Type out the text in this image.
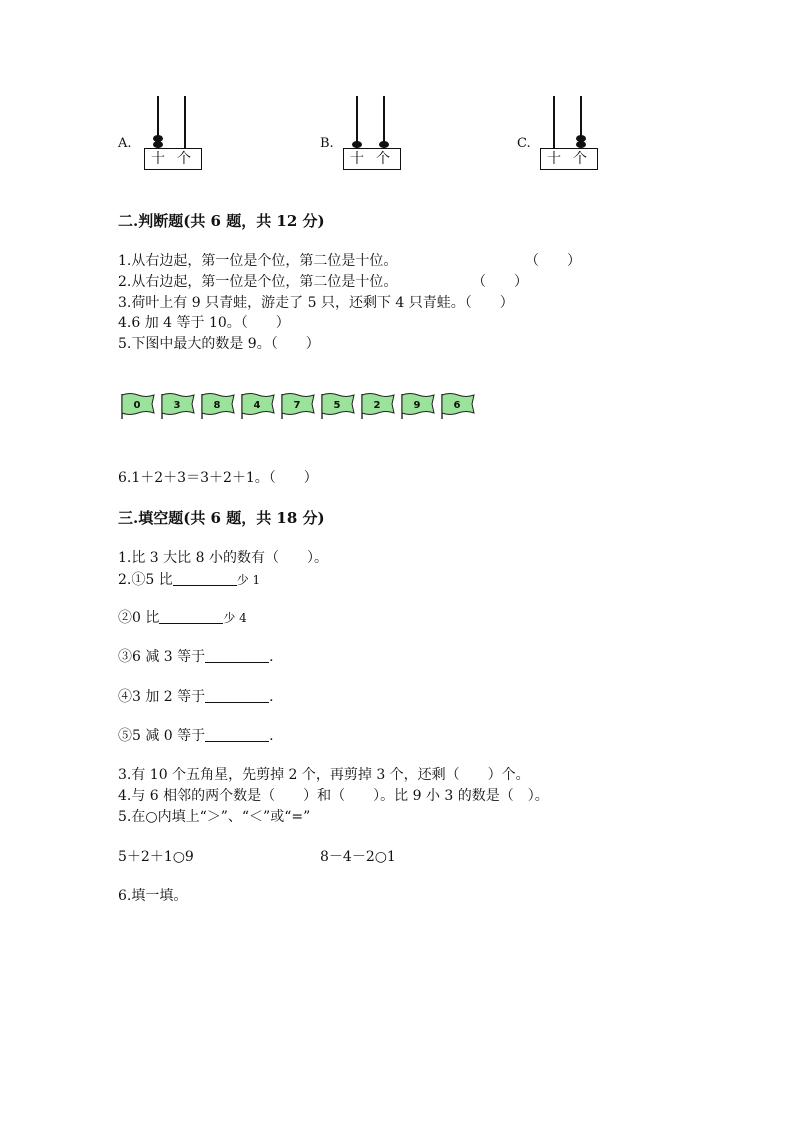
A.
十 个
B.
十 个
C.
十 个
二.判断题(共 6 题，共 12 分)
1.从右边起，第一位是个位，第二位是十位。	（　　）
2.从右边起，第一位是个位，第二位是十位。	（　　）
3.荷叶上有 9 只青蛙，游走了 5 只，还剩下 4 只青蛙。（　　）
4.6 加 4 等于 10。（　　）
5.下图中最大的数是 9。（　　）
0	3	8	4	7	5	2	9	6
6.1＋2＋3＝3＋2＋1。（　　）
三.填空题(共 6 题，共 18 分)
1.比 3 大比 8 小的数有（　　）。
2.①5 比	少 1
②0 比	少 4
③6 减 3 等于	.
④3 加 2 等于	.
⑤5 减 0 等于	.
3.有 10 个五角星，先剪掉 2 个，再剪掉 3 个，还剩（　　）个。
4.与 6 相邻的两个数是（　　）和（　　）。比 9 小 3 的数是（　）。
5.在○内填上“＞”、“＜”或“=”
5＋2＋1○9	8－4－2○1
6.填一填。
